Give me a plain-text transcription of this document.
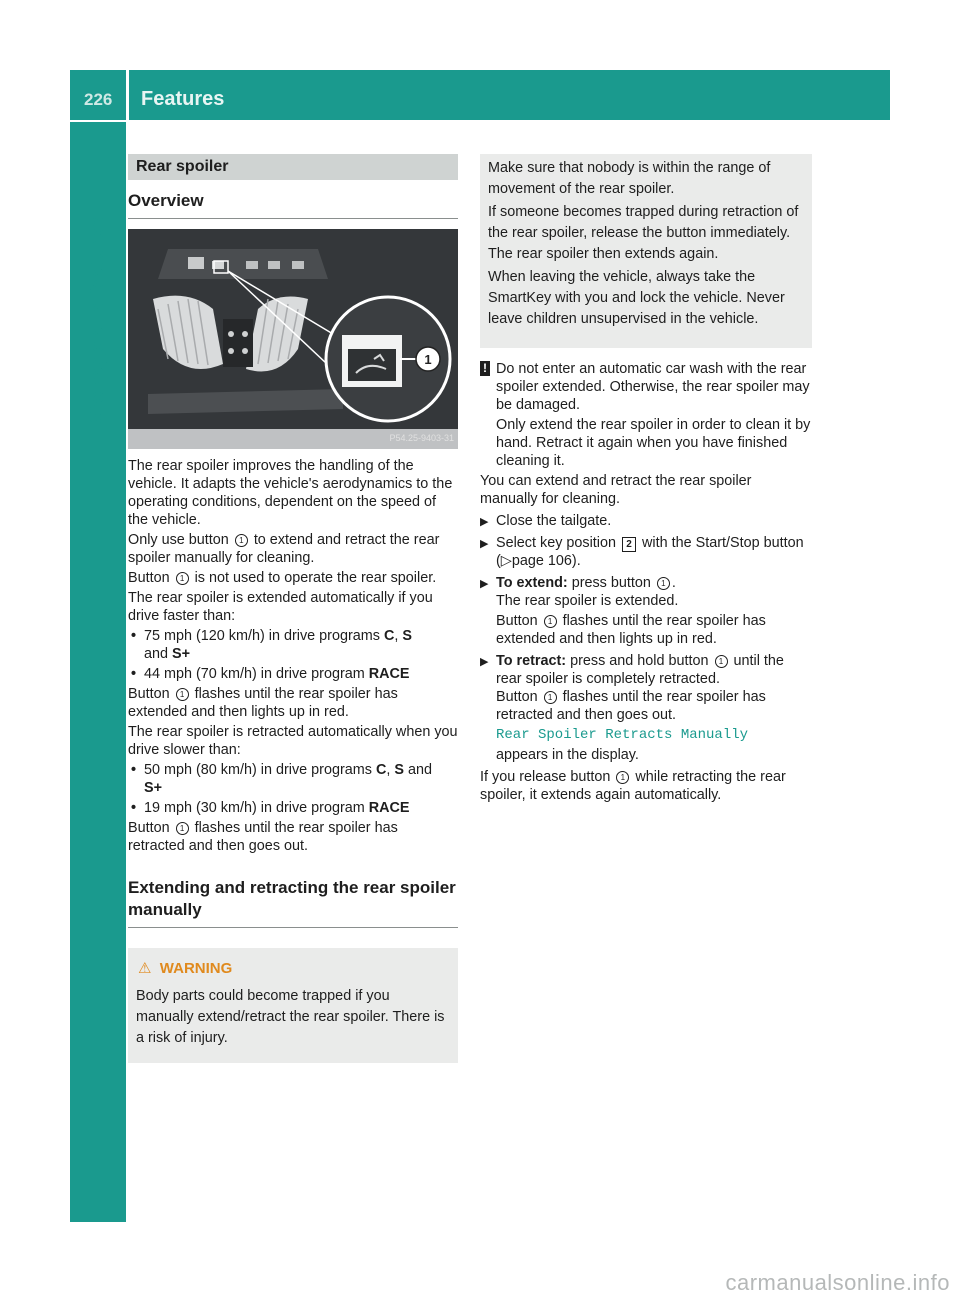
226 Features
Stowage and features
Rear spoiler
Overview
1
P54.25-9403-31

The rear spoiler improves the handling of the vehicle. It adapts the vehicle's aerodynamics to the operating conditions, dependent on the speed of the vehicle.

Only use button 1 to extend and retract the rear spoiler manually for cleaning.

Button 1 is not used to operate the rear spoiler.

The rear spoiler is extended automatically if you drive faster than:

• 75 mph (120 km/h) in drive programs C, S
and S+
• 44 mph (70 km/h) in drive program RACE

Button 1 flashes until the rear spoiler has extended and then lights up in red.

The rear spoiler is retracted automatically when you drive slower than:

• 50 mph (80 km/h) in drive programs C, S and
S+
• 19 mph (30 km/h) in drive program RACE

Button 1 flashes until the rear spoiler has retracted and then goes out.

Extending and retracting the rear spoiler manually
⚠ WARNING

Body parts could become trapped if you manually extend/retract the rear spoiler. There is a risk of injury.

Make sure that nobody is within the range of movement of the rear spoiler.

If someone becomes trapped during retraction of the rear spoiler, release the button immediately. The rear spoiler then extends again.

When leaving the vehicle, always take the SmartKey with you and lock the vehicle. Never leave children unsupervised in the vehicle.

! Do not enter an automatic car wash with the rear spoiler extended. Otherwise, the rear spoiler may be damaged.

Only extend the rear spoiler in order to clean it by hand. Retract it again when you have finished cleaning it.

You can extend and retract the rear spoiler manually for cleaning.

▶ Close the tailgate.
▶ Select key position 2 with the Start/Stop button (▷page 106).
▶ To extend: press button 1 .

The rear spoiler is extended.

Button 1 flashes until the rear spoiler has extended and then lights up in red.

▶ To retract: press and hold button 1 until the rear spoiler is completely retracted.

Button 1 flashes until the rear spoiler has retracted and then goes out.

Rear Spoiler Retracts Manually

appears in the display.

If you release button 1 while retracting the rear spoiler, it extends again automatically.

carmanualsonline.info
